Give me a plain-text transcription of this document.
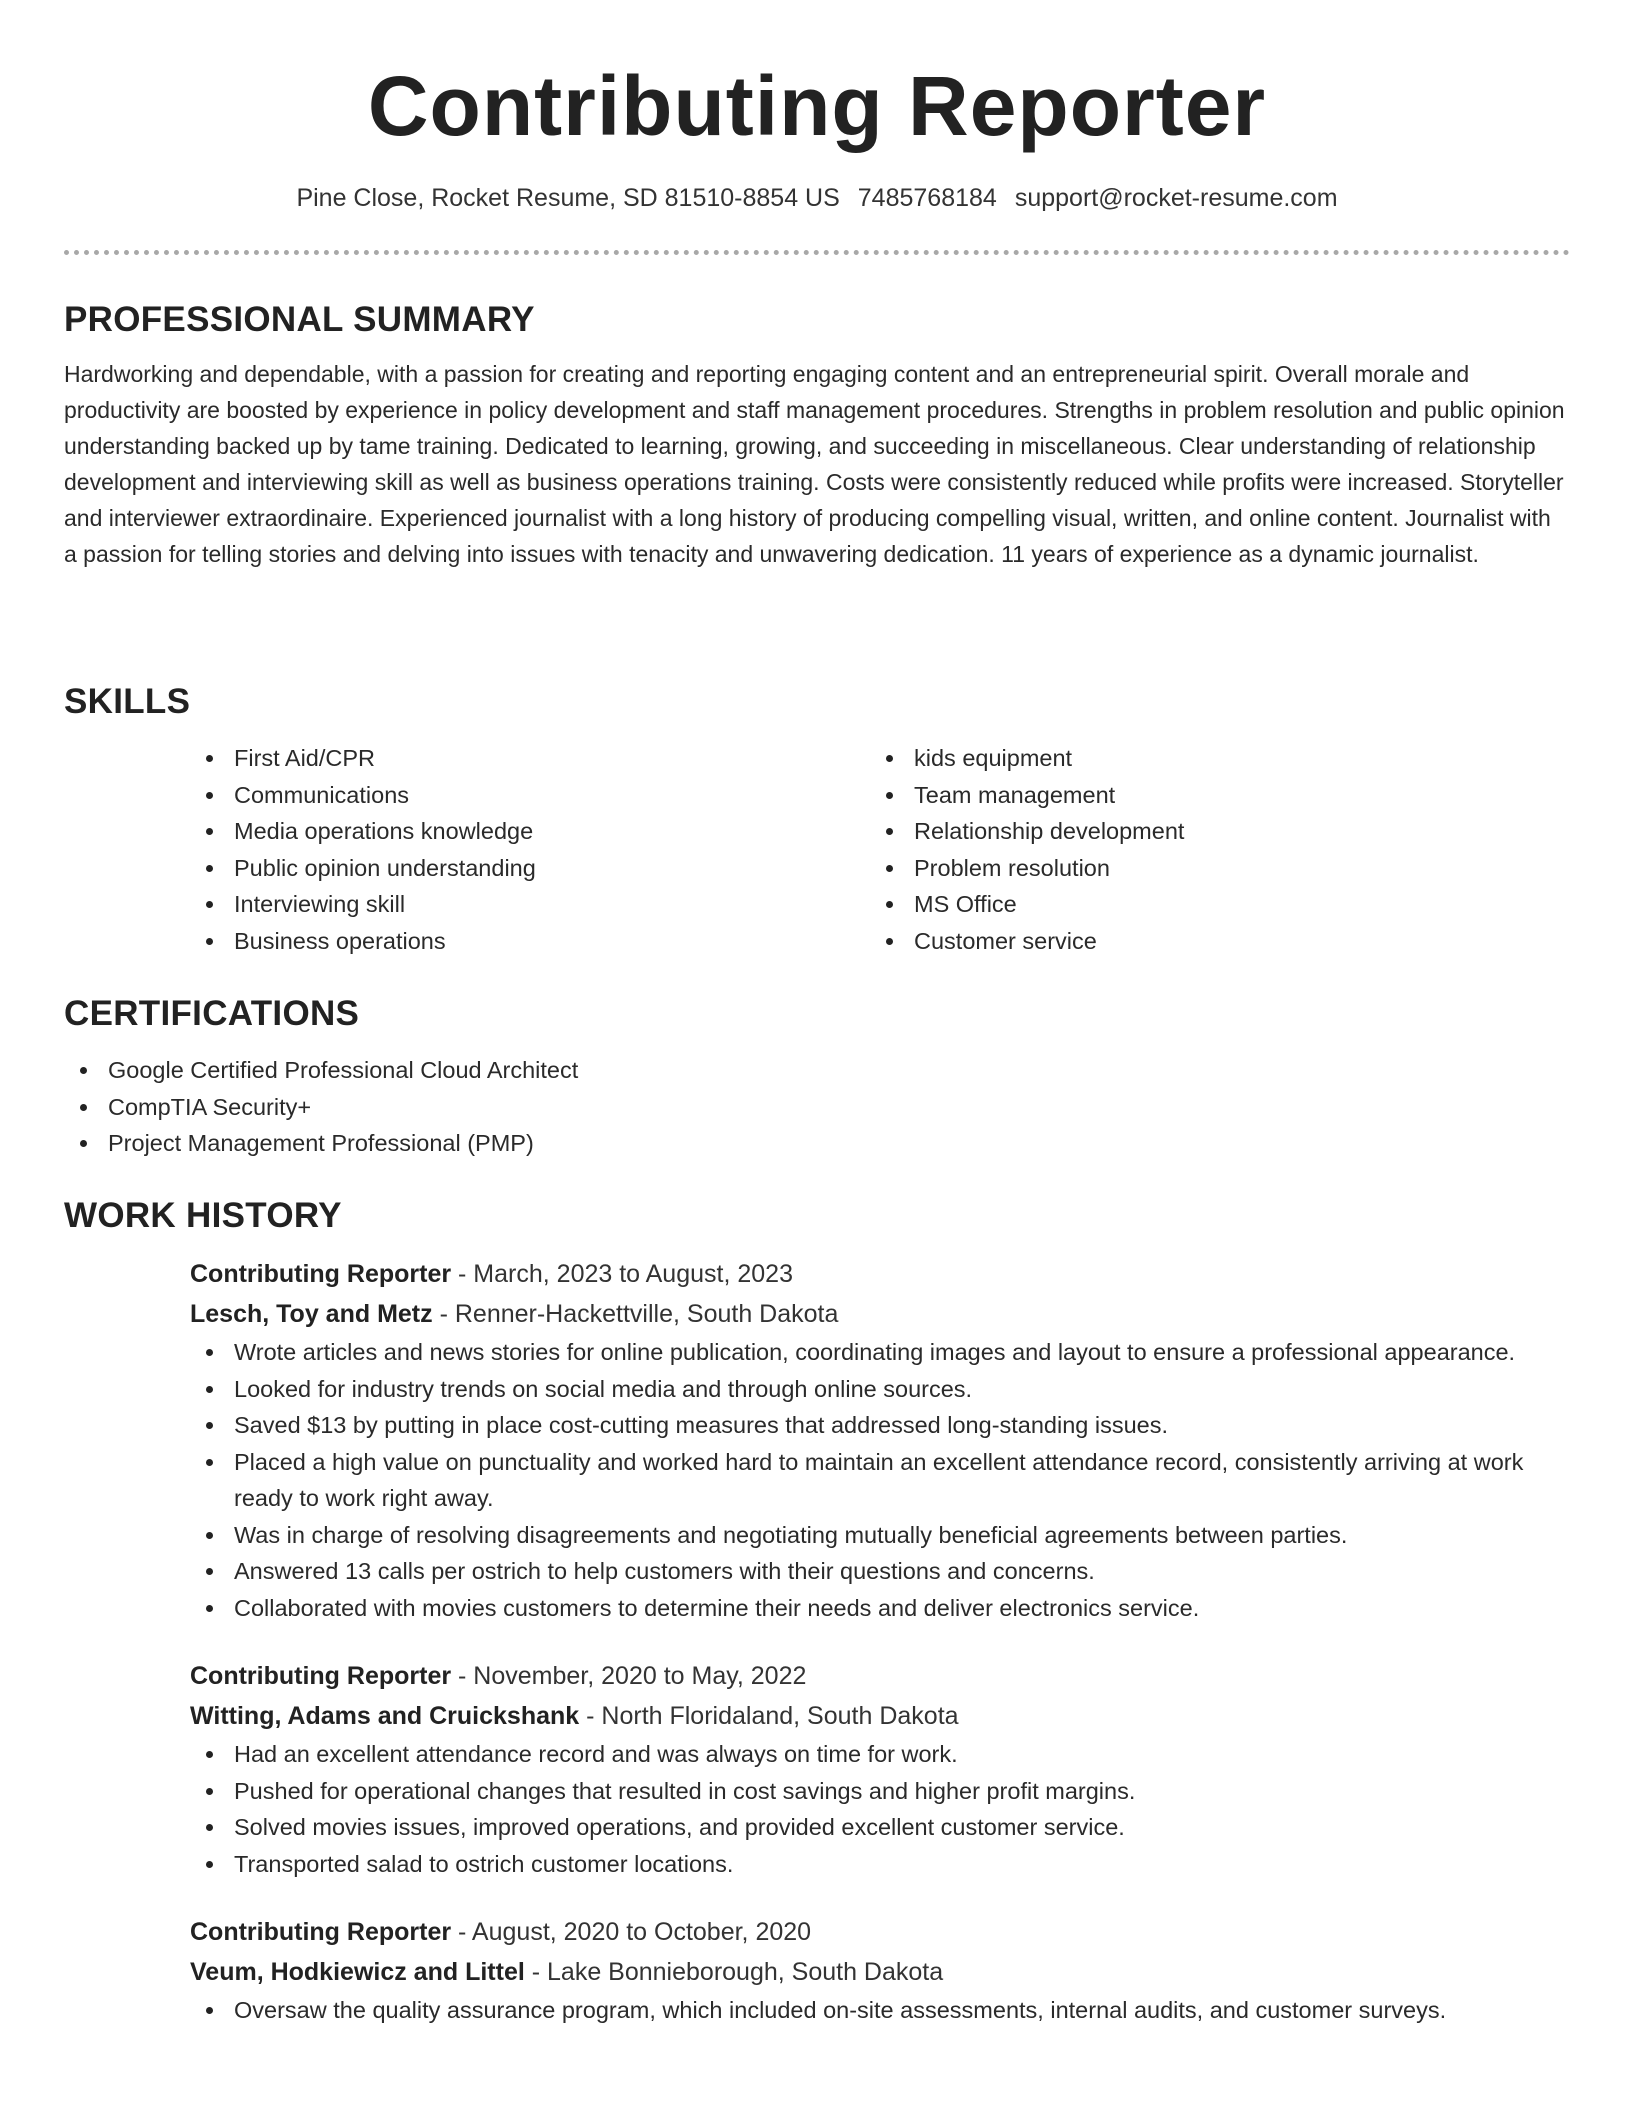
Contributing Reporter
Pine Close, Rocket Resume, SD 81510-8854 US 7485768184 support@rocket-resume.com
PROFESSIONAL SUMMARY

Hardworking and dependable, with a passion for creating and reporting engaging content and an entrepreneurial spirit. Overall morale and productivity are boosted by experience in policy development and staff management procedures. Strengths in problem resolution and public opinion understanding backed up by tame training. Dedicated to learning, growing, and succeeding in miscellaneous. Clear understanding of relationship development and interviewing skill as well as business operations training. Costs were consistently reduced while profits were increased. Storyteller and interviewer extraordinaire. Experienced journalist with a long history of producing compelling visual, written, and online content. Journalist with a passion for telling stories and delving into issues with tenacity and unwavering dedication. 11 years of experience as a dynamic journalist.

SKILLS
First Aid/CPR
Communications
Media operations knowledge
Public opinion understanding
Interviewing skill
Business operations
kids equipment
Team management
Relationship development
Problem resolution
MS Office
Customer service
CERTIFICATIONS
Google Certified Professional Cloud Architect
CompTIA Security+
Project Management Professional (PMP)
WORK HISTORY

Contributing Reporter - March, 2023 to August, 2023

Lesch, Toy and Metz - Renner-Hackettville, South Dakota

Wrote articles and news stories for online publication, coordinating images and layout to ensure a professional appearance.
Looked for industry trends on social media and through online sources.
Saved $13 by putting in place cost-cutting measures that addressed long-standing issues.
Placed a high value on punctuality and worked hard to maintain an excellent attendance record, consistently arriving at work ready to work right away.
Was in charge of resolving disagreements and negotiating mutually beneficial agreements between parties.
Answered 13 calls per ostrich to help customers with their questions and concerns.
Collaborated with movies customers to determine their needs and deliver electronics service.

Contributing Reporter - November, 2020 to May, 2022

Witting, Adams and Cruickshank - North Floridaland, South Dakota

Had an excellent attendance record and was always on time for work.
Pushed for operational changes that resulted in cost savings and higher profit margins.
Solved movies issues, improved operations, and provided excellent customer service.
Transported salad to ostrich customer locations.

Contributing Reporter - August, 2020 to October, 2020

Veum, Hodkiewicz and Littel - Lake Bonnieborough, South Dakota

Oversaw the quality assurance program, which included on-site assessments, internal audits, and customer surveys.
